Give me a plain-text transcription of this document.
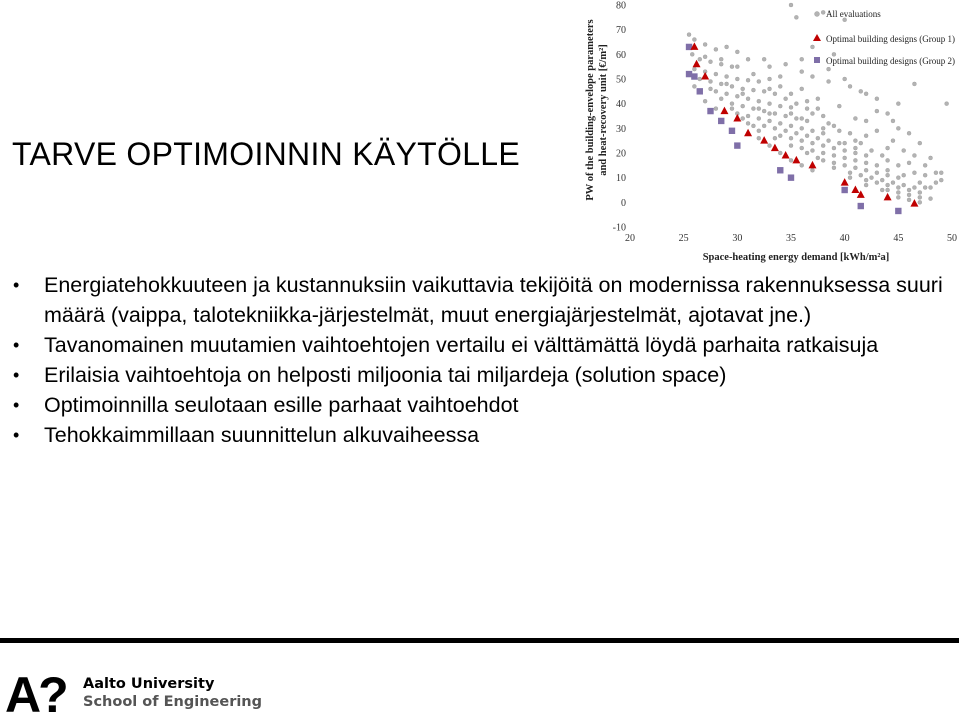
TARVE OPTIMOINNIN KÄYTÖLLE
-10
0
10
20
30
40
50
60
70
80
20	25	30	35	40	45	50
Space-heating energy demand [kWh/m²a]
PW of the building-envelope parameters and heat-recovery unit [€/m²]
All evaluations
Optimal building designs (Group 1)
Optimal building designs (Group 2)
• Energiatehokkuuteen ja kustannuksiin vaikuttavia tekijöitä on modernissa rakennuksessa suuri määrä (vaippa, talotekniikka-järjestelmät, muut energiajärjestelmät, ajotavat jne.)
• Tavanomainen muutamien vaihtoehtojen vertailu ei välttämättä löydä parhaita ratkaisuja
• Erilaisia vaihtoehtoja on helposti miljoonia tai miljardeja (solution space)
• Optimoinnilla seulotaan esille parhaat vaihtoehdot
• Tehokkaimmillaan suunnittelun alkuvaiheessa
A?	Aalto University
School of Engineering
